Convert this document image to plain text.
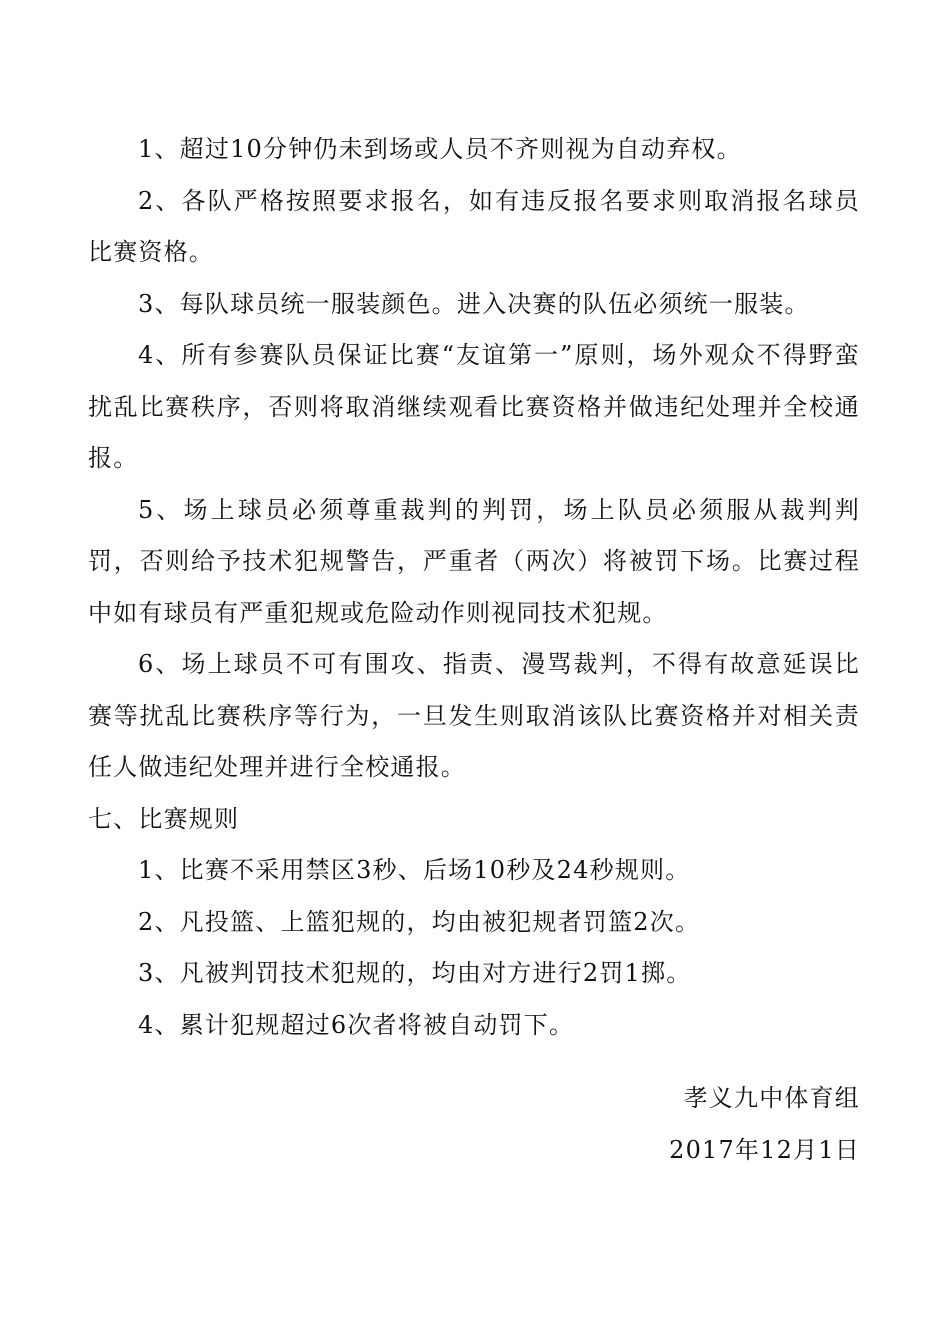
1、超过10分钟仍未到场或人员不齐则视为自动弃权。

2、各队严格按照要求报名，如有违反报名要求则取消报名球员比赛资格。

3、每队球员统一服装颜色。进入决赛的队伍必须统一服装。

4、所有参赛队员保证比赛“友谊第一”原则，场外观众不得野蛮扰乱比赛秩序，否则将取消继续观看比赛资格并做违纪处理并全校通报。

5、场上球员必须尊重裁判的判罚，场上队员必须服从裁判判罚，否则给予技术犯规警告，严重者（两次）将被罚下场。比赛过程中如有球员有严重犯规或危险动作则视同技术犯规。

6、场上球员不可有围攻、指责、漫骂裁判，不得有故意延误比赛等扰乱比赛秩序等行为，一旦发生则取消该队比赛资格并对相关责任人做违纪处理并进行全校通报。

七、比赛规则

1、比赛不采用禁区3秒、后场10秒及24秒规则。

2、凡投篮、上篮犯规的，均由被犯规者罚篮2次。

3、凡被判罚技术犯规的，均由对方进行2罚1掷。

4、累计犯规超过6次者将被自动罚下。

孝义九中体育组
2017年12月1日
